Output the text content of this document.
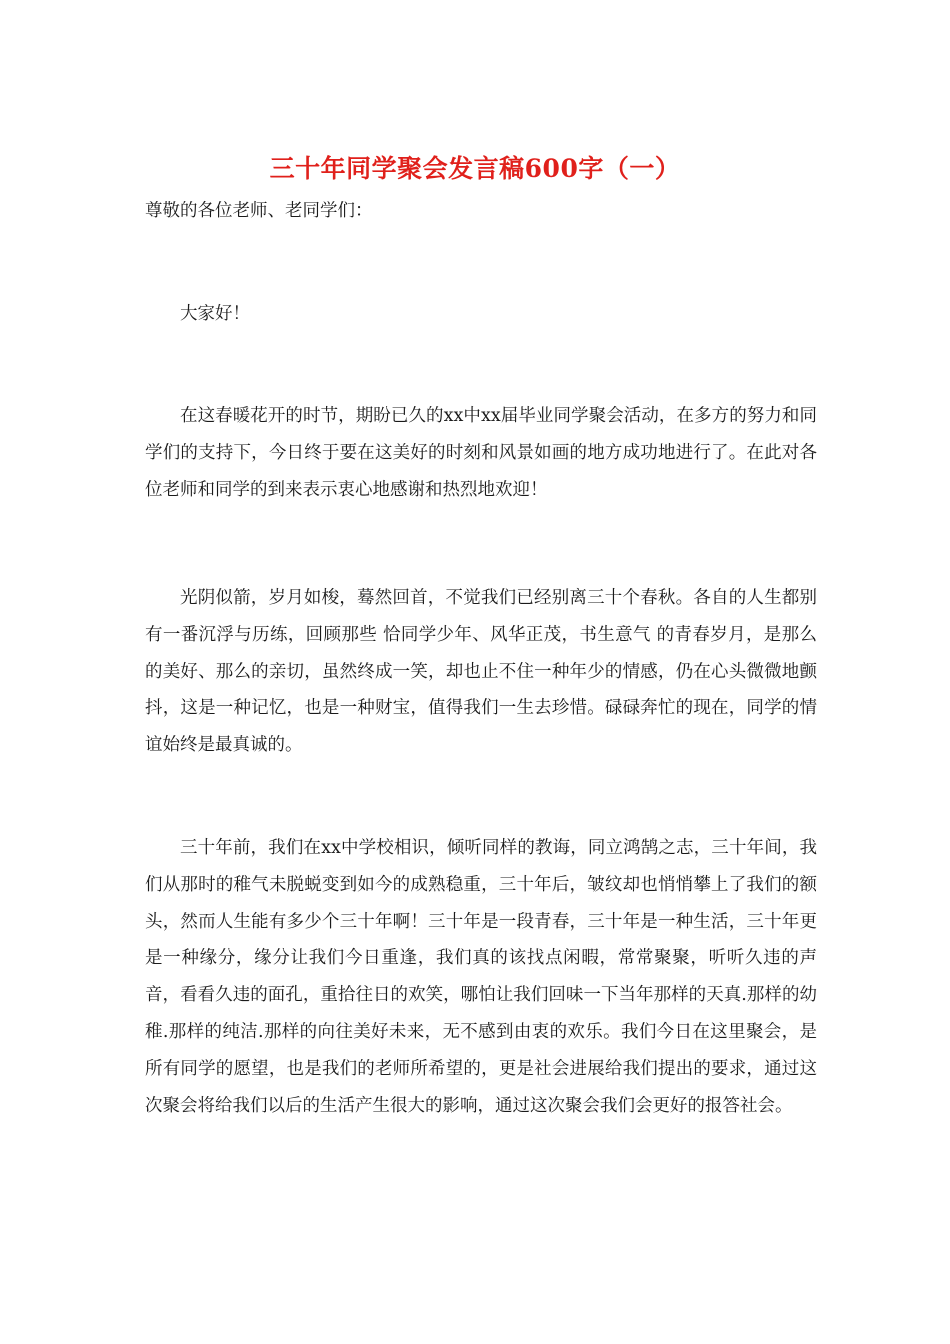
三十年同学聚会发言稿600字（一）
尊敬的各位老师、老同学们：

大家好！

在这春暖花开的时节，期盼已久的xx中xx届毕业同学聚会活动，在多方的努力和同学们的支持下，今日终于要在这美好的时刻和风景如画的地方成功地进行了。在此对各位老师和同学的到来表示衷心地感谢和热烈地欢迎！

光阴似箭，岁月如梭，蓦然回首，不觉我们已经别离三十个春秋。各自的人生都别有一番沉浮与历练，回顾那些 恰同学少年、风华正茂，书生意气 的青春岁月，是那么的美好、那么的亲切，虽然终成一笑，却也止不住一种年少的情感，仍在心头微微地颤抖，这是一种记忆，也是一种财宝，值得我们一生去珍惜。碌碌奔忙的现在，同学的情谊始终是最真诚的。

三十年前，我们在xx中学校相识，倾听同样的教诲，同立鸿鹄之志，三十年间，我们从那时的稚气未脱蜕变到如今的成熟稳重，三十年后，皱纹却也悄悄攀上了我们的额头，然而人生能有多少个三十年啊！三十年是一段青春，三十年是一种生活，三十年更是一种缘分，缘分让我们今日重逢，我们真的该找点闲暇，常常聚聚，听听久违的声音，看看久违的面孔，重拾往日的欢笑，哪怕让我们回味一下当年那样的天真.那样的幼稚.那样的纯洁.那样的向往美好未来，无不感到由衷的欢乐。我们今日在这里聚会，是所有同学的愿望，也是我们的老师所希望的，更是社会进展给我们提出的要求，通过这次聚会将给我们以后的生活产生很大的影响，通过这次聚会我们会更好的报答社会。
